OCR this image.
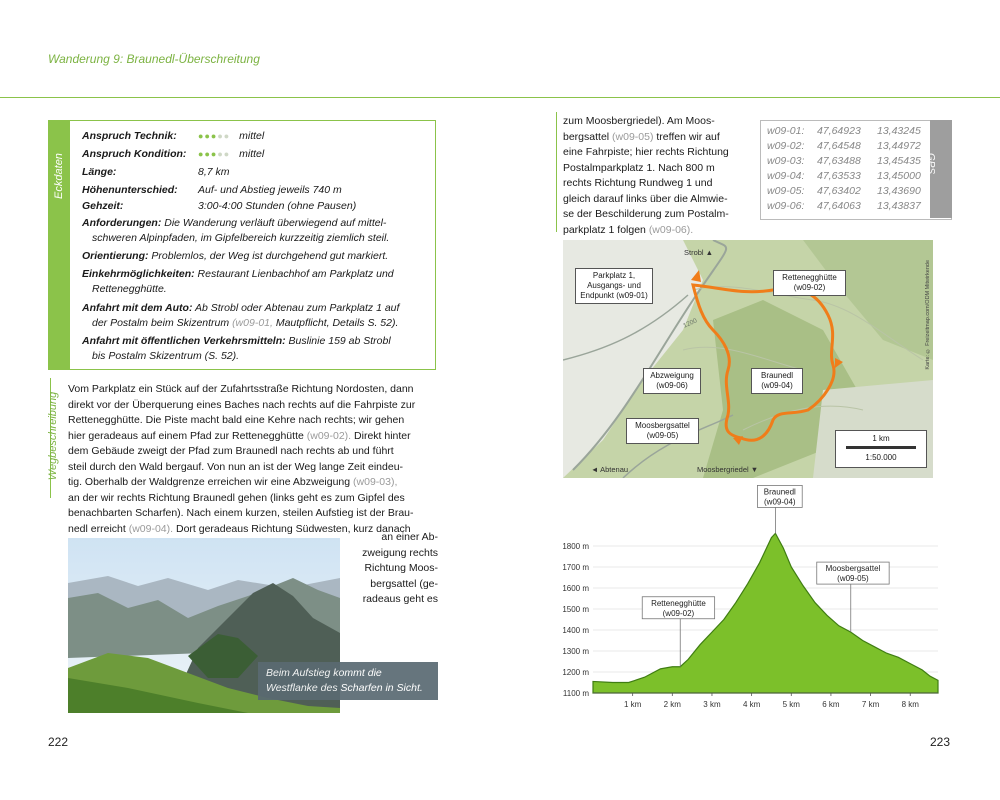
Wanderung 9: Braunedl-Überschreitung
Eckdaten
Anspruch Technik: ●●●●● mittel
Anspruch Kondition: ●●●●● mittel
Länge:	8,7 km
Höhenunterschied: Auf- und Abstieg jeweils 740 m
Gehzeit:	3:00-4:00 Stunden (ohne Pausen)
Anforderungen: Die Wanderung verläuft überwiegend auf mittel-
schweren Alpinpfaden, im Gipfelbereich kurzzeitig ziemlich steil.
Orientierung: Problemlos, der Weg ist durchgehend gut markiert.
Einkehrmöglichkeiten: Restaurant Lienbachhof am Parkplatz und
Rettenegghütte.
Anfahrt mit dem Auto: Ab Strobl oder Abtenau zum Parkplatz 1 auf
der Postalm beim Skizentrum (w09-01, Mautpflicht, Details S. 52).
Anfahrt mit öffentlichen Verkehrsmitteln: Buslinie 159 ab Strobl
bis Postalm Skizentrum (S. 52).
Wegbeschreibung
Vom Parkplatz ein Stück auf der Zufahrtsstraße Richtung Nordosten, dann
direkt vor der Überquerung eines Baches nach rechts auf die Fahrpiste zur
Rettenegghütte. Die Piste macht bald eine Kehre nach rechts; wir gehen
hier geradeaus auf einem Pfad zur Rettenegghütte (w09-02). Direkt hinter
dem Gebäude zweigt der Pfad zum Braunedl nach rechts ab und führt
steil durch den Wald bergauf. Von nun an ist der Weg lange Zeit eindeu-
tig. Oberhalb der Waldgrenze erreichen wir eine Abzweigung (w09-03),
an der wir rechts Richtung Braunedl gehen (links geht es zum Gipfel des
benachbarten Scharfen). Nach einem kurzen, steilen Aufstieg ist der Brau-
nedl erreicht (w09-04). Dort geradeaus Richtung Südwesten, kurz danach
an einer Ab-
zweigung rechts
Richtung Moos-
bergsattel (ge-
radeaus geht es
Beim Aufstieg kommt die Westflanke des Scharfen in Sicht.
222	223
zum Moosbergriedel). Am Moos-
bergsattel (w09-05) treffen wir auf
eine Fahrpiste; hier rechts Richtung
Postalmparkplatz 1. Nach 800 m
rechts Richtung Rundweg 1 und
gleich darauf links über die Almwie-
se der Beschilderung zum Postalm-
parkplatz 1 folgen (w09-06).
w09-01: 47,64923	13,43245
w09-02: 47,64548	13,44972
w09-03: 47,63488	13,45435
w09-04: 47,63533	13,45000
w09-05: 47,63402	13,43690
w09-06: 47,64063	13,43837
GPS
Strobl ▲
◄ Abtenau	Moosbergriedel ▼
1200	Karte: © Freizeitmap.com/ODM Mitwirkende
Parkplatz 1,
Ausgangs- und
Endpunkt (w09-01)
Rettenegghütte
(w09-02)
Abzweigung
(w09-06)
Braunedl
(w09-04)
Moosbergsattel
(w09-05)	1 km
1:50.000
1100 m
1200 m
1300 m
1400 m
1500 m
1600 m
1700 m
1800 m
1 km	2 km	3 km	4 km	5 km	6 km	7 km	8 km
Braunedl
(w09-04)
Rettenegghütte
(w09-02)
Moosbergsattel
(w09-05)
